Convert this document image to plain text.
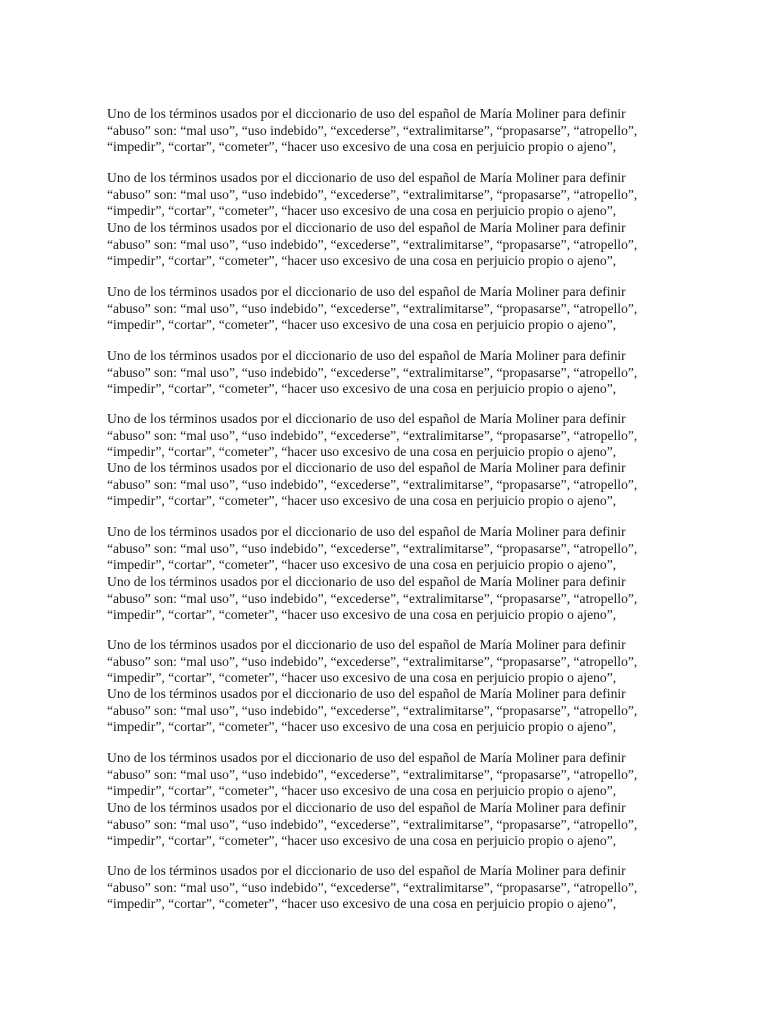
Uno de los términos usados por el diccionario de uso del español de María Moliner para definir
“abuso” son: “mal uso”, “uso indebido”, “excederse”, “extralimitarse”, “propasarse”, “atropello”,
“impedir”, “cortar”, “cometer”, “hacer uso excesivo de una cosa en perjuicio propio o ajeno”,
Uno de los términos usados por el diccionario de uso del español de María Moliner para definir
“abuso” son: “mal uso”, “uso indebido”, “excederse”, “extralimitarse”, “propasarse”, “atropello”,
“impedir”, “cortar”, “cometer”, “hacer uso excesivo de una cosa en perjuicio propio o ajeno”,
Uno de los términos usados por el diccionario de uso del español de María Moliner para definir
“abuso” son: “mal uso”, “uso indebido”, “excederse”, “extralimitarse”, “propasarse”, “atropello”,
“impedir”, “cortar”, “cometer”, “hacer uso excesivo de una cosa en perjuicio propio o ajeno”,
Uno de los términos usados por el diccionario de uso del español de María Moliner para definir
“abuso” son: “mal uso”, “uso indebido”, “excederse”, “extralimitarse”, “propasarse”, “atropello”,
“impedir”, “cortar”, “cometer”, “hacer uso excesivo de una cosa en perjuicio propio o ajeno”,
Uno de los términos usados por el diccionario de uso del español de María Moliner para definir
“abuso” son: “mal uso”, “uso indebido”, “excederse”, “extralimitarse”, “propasarse”, “atropello”,
“impedir”, “cortar”, “cometer”, “hacer uso excesivo de una cosa en perjuicio propio o ajeno”,
Uno de los términos usados por el diccionario de uso del español de María Moliner para definir
“abuso” son: “mal uso”, “uso indebido”, “excederse”, “extralimitarse”, “propasarse”, “atropello”,
“impedir”, “cortar”, “cometer”, “hacer uso excesivo de una cosa en perjuicio propio o ajeno”,
Uno de los términos usados por el diccionario de uso del español de María Moliner para definir
“abuso” son: “mal uso”, “uso indebido”, “excederse”, “extralimitarse”, “propasarse”, “atropello”,
“impedir”, “cortar”, “cometer”, “hacer uso excesivo de una cosa en perjuicio propio o ajeno”,
Uno de los términos usados por el diccionario de uso del español de María Moliner para definir
“abuso” son: “mal uso”, “uso indebido”, “excederse”, “extralimitarse”, “propasarse”, “atropello”,
“impedir”, “cortar”, “cometer”, “hacer uso excesivo de una cosa en perjuicio propio o ajeno”,
Uno de los términos usados por el diccionario de uso del español de María Moliner para definir
“abuso” son: “mal uso”, “uso indebido”, “excederse”, “extralimitarse”, “propasarse”, “atropello”,
“impedir”, “cortar”, “cometer”, “hacer uso excesivo de una cosa en perjuicio propio o ajeno”,
Uno de los términos usados por el diccionario de uso del español de María Moliner para definir
“abuso” son: “mal uso”, “uso indebido”, “excederse”, “extralimitarse”, “propasarse”, “atropello”,
“impedir”, “cortar”, “cometer”, “hacer uso excesivo de una cosa en perjuicio propio o ajeno”,
Uno de los términos usados por el diccionario de uso del español de María Moliner para definir
“abuso” son: “mal uso”, “uso indebido”, “excederse”, “extralimitarse”, “propasarse”, “atropello”,
“impedir”, “cortar”, “cometer”, “hacer uso excesivo de una cosa en perjuicio propio o ajeno”,
Uno de los términos usados por el diccionario de uso del español de María Moliner para definir
“abuso” son: “mal uso”, “uso indebido”, “excederse”, “extralimitarse”, “propasarse”, “atropello”,
“impedir”, “cortar”, “cometer”, “hacer uso excesivo de una cosa en perjuicio propio o ajeno”,
Uno de los términos usados por el diccionario de uso del español de María Moliner para definir
“abuso” son: “mal uso”, “uso indebido”, “excederse”, “extralimitarse”, “propasarse”, “atropello”,
“impedir”, “cortar”, “cometer”, “hacer uso excesivo de una cosa en perjuicio propio o ajeno”,
Uno de los términos usados por el diccionario de uso del español de María Moliner para definir
“abuso” son: “mal uso”, “uso indebido”, “excederse”, “extralimitarse”, “propasarse”, “atropello”,
“impedir”, “cortar”, “cometer”, “hacer uso excesivo de una cosa en perjuicio propio o ajeno”,
